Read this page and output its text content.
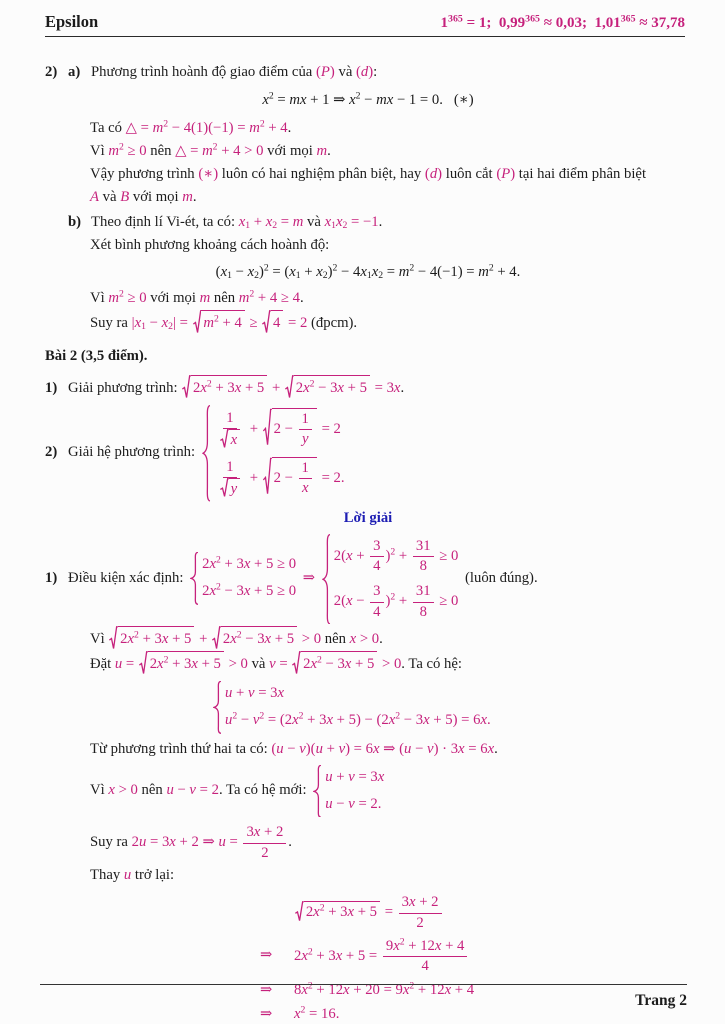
Epsilon	$1^{365} = 1$;  $0,99^{365} \approx 0,03$;  $1,01^{365} \approx 37,78$
2) a) Phương trình hoành độ giao điểm của (P) và (d) :
$x^2$ = mx + 1 ⇒ $x^2$ − mx − 1 = 0.   (∗)
Ta có △ = $m^2 - 4(1)(-1) = m^2 + 4$ .
Vì $m^2 \ge 0$ nên △ = $m^2 + 4 > 0$ với mọi m .
Vậy phương trình (∗) luôn có hai nghiệm phân biệt, hay (d) luôn cắt (P) tại hai điểm phân biệt
A và B với mọi m .
b) Theo định lí Vi-ét, ta có: $x_1 + x_2 = m$ và $x_1x_2 = -1$ .
Xét bình phương khoảng cách hoành độ:
$(x_1 - x_2)^2 = (x_1 + x_2)^2 - 4x_1x_2 = m^2 - 4(-1) = m^2 + 4$.
Vì $m^2 \ge 0$ với mọi m nên $m^2 + 4 \ge 4$ .
Suy ra $|x_1 - x_2|$ =
$m^2 + 4$ ≥
4 = 2 (đpcm).
Bài 2 (3,5 điểm).
1) Giải phương trình: $2x^2 + 3x + 5$ +
$2x^2 - 3x + 5 = 3x$ .
2) Giải hệ phương trình:
$\frac{1}{x}$ +
$2 - \frac{1}{y} = 2$
$\frac{1}{y}$ +
$2 - \frac{1}{x} = 2$.
Lời giải
1) Điều kiện xác định:
$2x^2 + 3x + 5 \ge 0$
$2x^2 - 3x + 5 \ge 0$
⇒
$2(x + \frac{3}{4} )^2 + \frac{31}{8} \ge 0$
$2(x - \frac{3}{4} )^2 + \frac{31}{8} \ge 0$
(luôn đúng).
Vì $2x^2 + 3x + 5$ +
$2x^2 - 3x + 5 > 0$ nên x > 0 .
Đặt u =
$2x^2 + 3x + 5 > 0$ và v =
$2x^2 - 3x + 5 > 0$ . Ta có hệ:
u + v = 3x
$u^2 - v^2 = (2x^2 + 3x + 5) - (2x^2 - 3x + 5) = 6x$.
Từ phương trình thứ hai ta có: (u − v)(u + v) = 6x ⇒ (u − v) · 3x = 6x .
Vì x > 0 nên u − v = 2 . Ta có hệ mới:
u + v = 3x
u − v = 2.
Suy ra 2u = 3x + 2 ⇒ $u = \frac{3x + 2}{2}$ .
Thay u trở lại:
$2x^2 + 3x + 5 = \frac{3x + 2}{2}$
⇒ $2x^2 + 3x + 5 = \frac{9x^2 + 12x + 4}{4}$
⇒ $8x^2 + 12x + 20 = 9x^2 + 12x + 4$
⇒ $x^2 = 16$.
Trang 2
